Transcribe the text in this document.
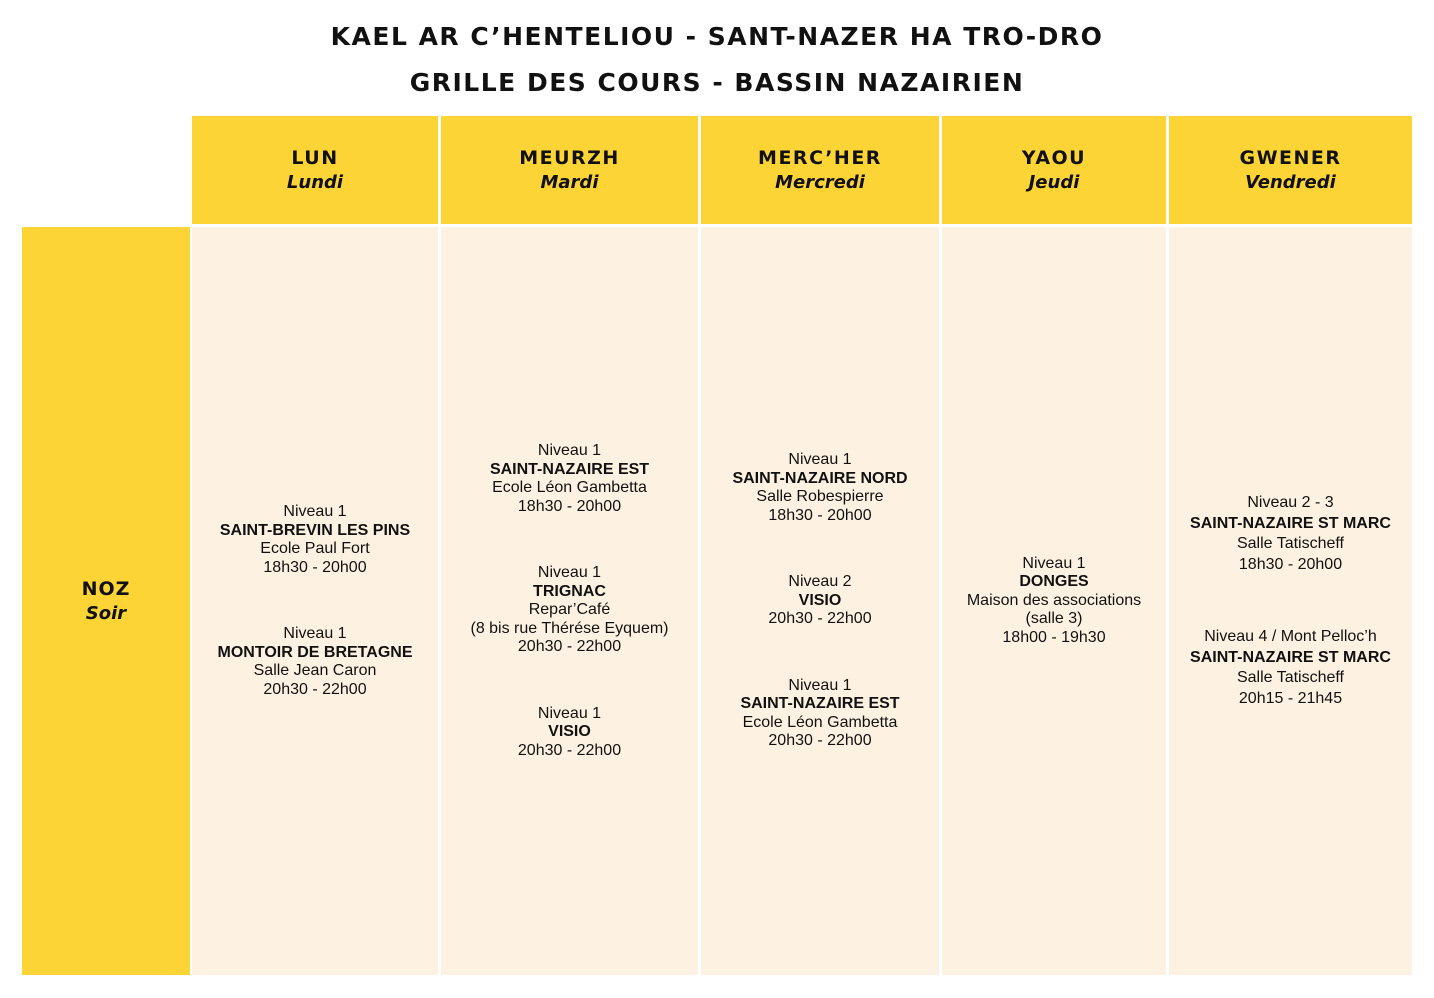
KAEL AR C’HENTELIOU - SANT-NAZER HA TRO-DRO
GRILLE DES COURS - BASSIN NAZAIRIEN
LUN
Lundi
MEURZH
Mardi
MERC’HER
Mercredi
YAOU
Jeudi
GWENER
Vendredi
NOZ
Soir
Niveau 1
SAINT-BREVIN LES PINS
Ecole Paul Fort
18h30 - 20h00
Niveau 1
MONTOIR DE BRETAGNE
Salle Jean Caron
20h30 - 22h00
Niveau 1
SAINT-NAZAIRE EST
Ecole Léon Gambetta
18h30 - 20h00
Niveau 1
TRIGNAC
Repar’Café
(8 bis rue Thérése Eyquem)
20h30 - 22h00
Niveau 1
VISIO
20h30 - 22h00
Niveau 1
SAINT-NAZAIRE NORD
Salle Robespierre
18h30 - 20h00
Niveau 2
VISIO
20h30 - 22h00
Niveau 1
SAINT-NAZAIRE EST
Ecole Léon Gambetta
20h30 - 22h00
Niveau 1
DONGES
Maison des associations
(salle 3)
18h00 - 19h30
Niveau 2 - 3
SAINT-NAZAIRE ST MARC
Salle Tatischeff
18h30 - 20h00
Niveau 4 / Mont Pelloc’h
SAINT-NAZAIRE ST MARC
Salle Tatischeff
20h15 - 21h45
